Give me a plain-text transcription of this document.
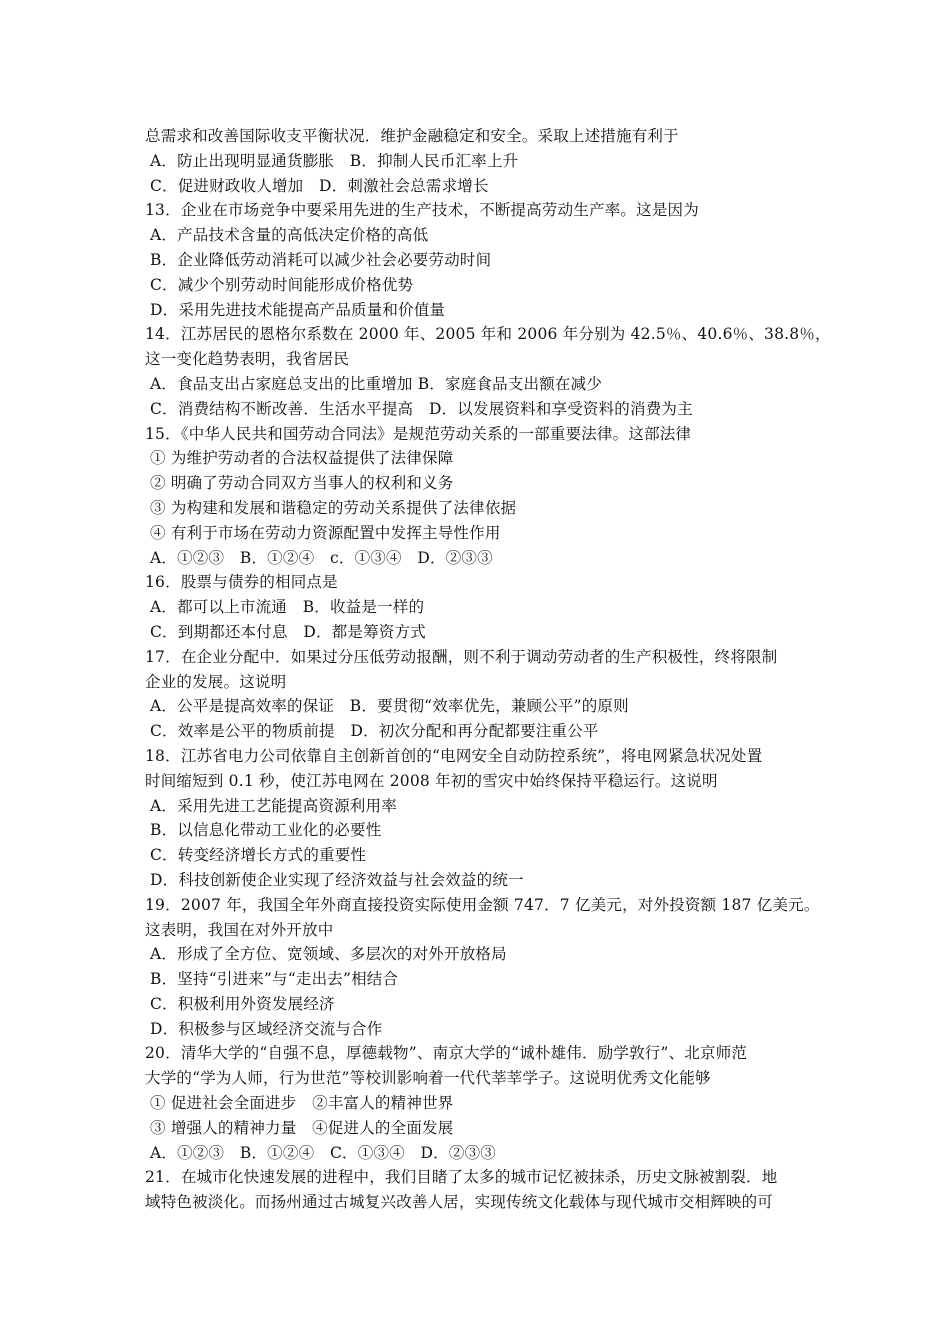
总需求和改善国际收支平衡状况．维护金融稳定和安全。采取上述措施有利于
A．防止出现明显通货膨胀　B．抑制人民币汇率上升
C．促进财政收人增加　D．刺激社会总需求增长
13．企业在市场竞争中要采用先进的生产技术，不断提高劳动生产率。这是因为
A．产品技术含量的高低决定价格的高低
B．企业降低劳动消耗可以减少社会必要劳动时间
C．减少个别劳动时间能形成价格优势
D．采用先进技术能提高产品质量和价值量
14．江苏居民的恩格尔系数在 2000 年、2005 年和 2006 年分别为 42.5％、40.6％、38.8％，
这一变化趋势表明，我省居民
A．食品支出占家庭总支出的比重增加 B．家庭食品支出额在减少
C．消费结构不断改善．生活水平提高　D．以发展资料和享受资料的消费为主
15．《中华人民共和国劳动合同法》是规范劳动关系的一部重要法律。这部法律
① 为维护劳动者的合法权益提供了法律保障
② 明确了劳动合同双方当事人的权利和义务
③ 为构建和发展和谐稳定的劳动关系提供了法律依据
④ 有利于市场在劳动力资源配置中发挥主导性作用
A．①②③　B．①②④　c．①③④　D．②③③
16．股票与债券的相同点是
A．都可以上市流通　B．收益是一样的
C．到期都还本付息　D．都是筹资方式
17．在企业分配中．如果过分压低劳动报酬，则不利于调动劳动者的生产积极性，终将限制
企业的发展。这说明
A．公平是提高效率的保证　B．要贯彻“效率优先，兼顾公平”的原则
C．效率是公平的物质前提　D．初次分配和再分配都要注重公平
18．江苏省电力公司依靠自主创新首创的“电网安全自动防控系统”，将电网紧急状况处置
时间缩短到 0.1 秒，使江苏电网在 2008 年初的雪灾中始终保持平稳运行。这说明
A．采用先进工艺能提高资源利用率
B．以信息化带动工业化的必要性
C．转变经济增长方式的重要性
D．科技创新使企业实现了经济效益与社会效益的统一
19．2007 年，我国全年外商直接投资实际使用金额 747．7 亿美元，对外投资额 187 亿美元。
这表明，我国在对外开放中
A．形成了全方位、宽领域、多层次的对外开放格局
B．坚持“引进来”与“走出去”相结合
C．积极利用外资发展经济
D．积极参与区域经济交流与合作
20．清华大学的“自强不息，厚德载物”、南京大学的“诚朴雄伟．励学敦行”、北京师范
大学的“学为人师，行为世范”等校训影响着一代代莘莘学子。这说明优秀文化能够
① 促进社会全面进步　②丰富人的精神世界
③ 增强人的精神力量　④促进人的全面发展
A．①②③　B．①②④　C．①③④　D．②③③
21．在城市化快速发展的进程中，我们目睹了太多的城市记忆被抹杀，历史文脉被割裂．地
域特色被淡化。而扬州通过古城复兴改善人居，实现传统文化载体与现代城市交相辉映的可
